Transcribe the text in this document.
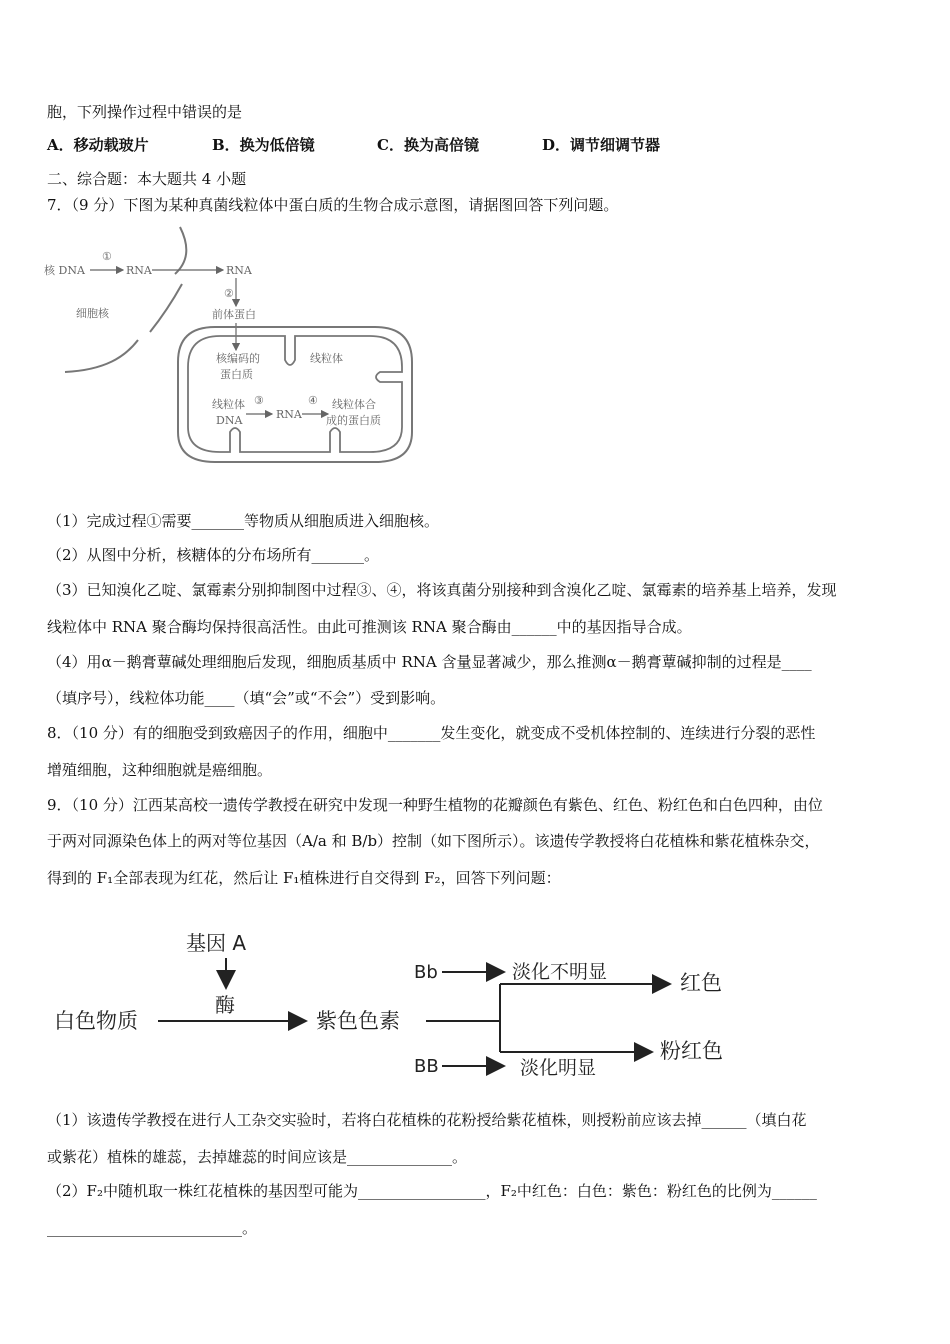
胞，下列操作过程中错误的是
A．移动载玻片	B．换为低倍镜	C．换为高倍镜	D．调节细调节器
二、综合题：本大题共 4 小题
7．（9 分）下图为某种真菌线粒体中蛋白质的生物合成示意图，请据图回答下列问题。
核 DNA
①
RNA	RNA
②
细胞核	前体蛋白
线粒体
核编码的
蛋白质
线粒体
DNA
③
RNA
④ 线粒体合
成的蛋白质
（1）完成过程①需要_______等物质从细胞质进入细胞核。
（2）从图中分析，核糖体的分布场所有_______。
（3）已知溴化乙啶、氯霉素分别抑制图中过程③、④，将该真菌分别接种到含溴化乙啶、氯霉素的培养基上培养，发现
线粒体中 RNA 聚合酶均保持很高活性。由此可推测该 RNA 聚合酶由______中的基因指导合成。
（4）用α－鹅膏蕈碱处理细胞后发现，细胞质基质中 RNA 含量显著减少，那么推测α－鹅膏蕈碱抑制的过程是____
（填序号），线粒体功能____（填“会”或“不会”）受到影响。
8．（10 分）有的细胞受到致癌因子的作用，细胞中_______发生变化，就变成不受机体控制的、连续进行分裂的恶性
增殖细胞，这种细胞就是癌细胞。
9．（10 分）江西某高校一遗传学教授在研究中发现一种野生植物的花瓣颜色有紫色、红色、粉红色和白色四种，由位
于两对同源染色体上的两对等位基因（A/a 和 B/b）控制（如下图所示）。该遗传学教授将白花植株和紫花植株杂交，
得到的 F₁全部表现为红花，然后让 F₁植株进行自交得到 F₂，回答下列问题：
基因 A
酶
白色物质	紫色色素
Bb	淡化不明显	红色
BB	淡化明显
粉红色
（1）该遗传学教授在进行人工杂交实验时，若将白花植株的花粉授给紫花植株，则授粉前应该去掉______（填白花
或紫花）植株的雄蕊，去掉雄蕊的时间应该是______________。
（2）F₂中随机取一株红花植株的基因型可能为_________________，F₂中红色：白色：紫色：粉红色的比例为______
__________________________。
